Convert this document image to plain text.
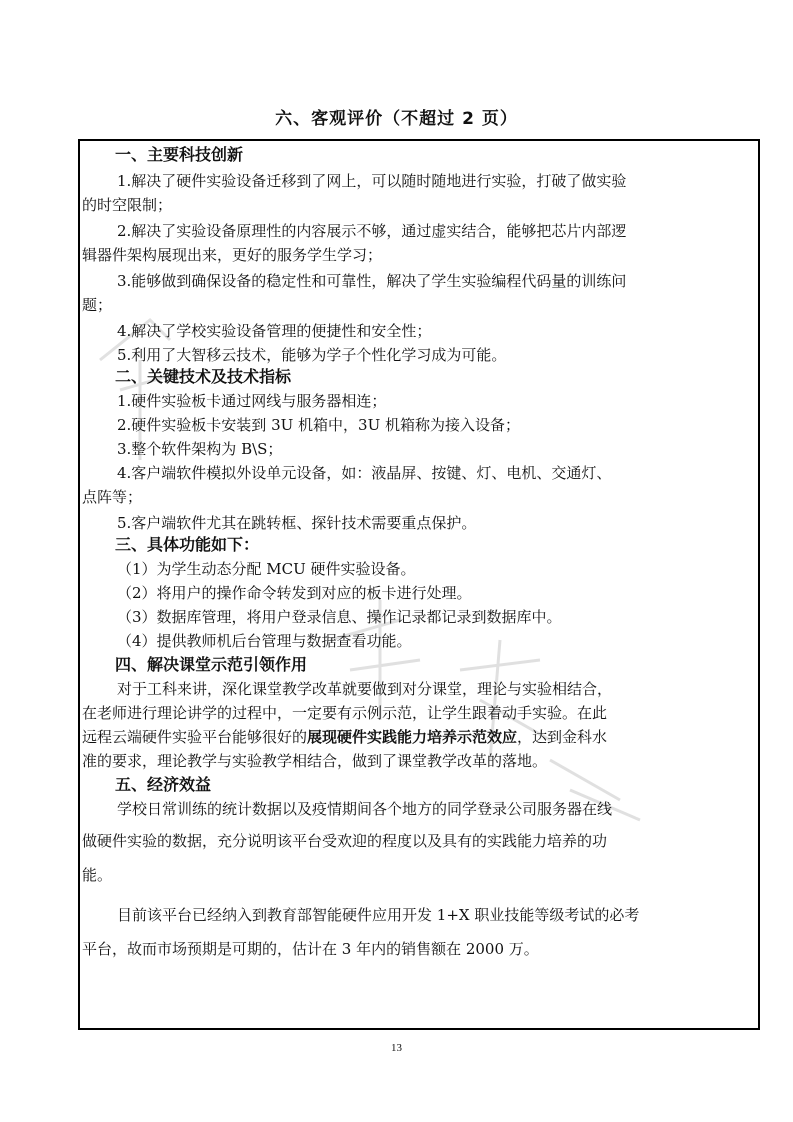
六、客观评价（不超过 2 页）
一、主要科技创新
1.解决了硬件实验设备迁移到了网上，可以随时随地进行实验，打破了做实验
的时空限制；
2.解决了实验设备原理性的内容展示不够，通过虚实结合，能够把芯片内部逻
辑器件架构展现出来，更好的服务学生学习；
3.能够做到确保设备的稳定性和可靠性，解决了学生实验编程代码量的训练问
题；
4.解决了学校实验设备管理的便捷性和安全性；
5.利用了大智移云技术，能够为学子个性化学习成为可能。
二、关键技术及技术指标
1.硬件实验板卡通过网线与服务器相连；
2.硬件实验板卡安装到 3U 机箱中，3U 机箱称为接入设备；
3.整个软件架构为 B\S；
4.客户端软件模拟外设单元设备，如：液晶屏、按键、灯、电机、交通灯、
点阵等；
5.客户端软件尤其在跳转框、探针技术需要重点保护。
三、具体功能如下：
（1）为学生动态分配 MCU 硬件实验设备。
（2）将用户的操作命令转发到对应的板卡进行处理。
（3）数据库管理，将用户登录信息、操作记录都记录到数据库中。
（4）提供教师机后台管理与数据查看功能。
四、解决课堂示范引领作用
对于工科来讲，深化课堂教学改革就要做到对分课堂，理论与实验相结合，
在老师进行理论讲学的过程中，一定要有示例示范，让学生跟着动手实验。在此
远程云端硬件实验平台能够很好的展现硬件实践能力培养示范效应，达到金科水
准的要求，理论教学与实验教学相结合，做到了课堂教学改革的落地。
五、经济效益
学校日常训练的统计数据以及疫情期间各个地方的同学登录公司服务器在线
做硬件实验的数据，充分说明该平台受欢迎的程度以及具有的实践能力培养的功
能。
目前该平台已经纳入到教育部智能硬件应用开发 1+X 职业技能等级考试的必考
平台，故而市场预期是可期的，估计在 3 年内的销售额在 2000 万。
13
